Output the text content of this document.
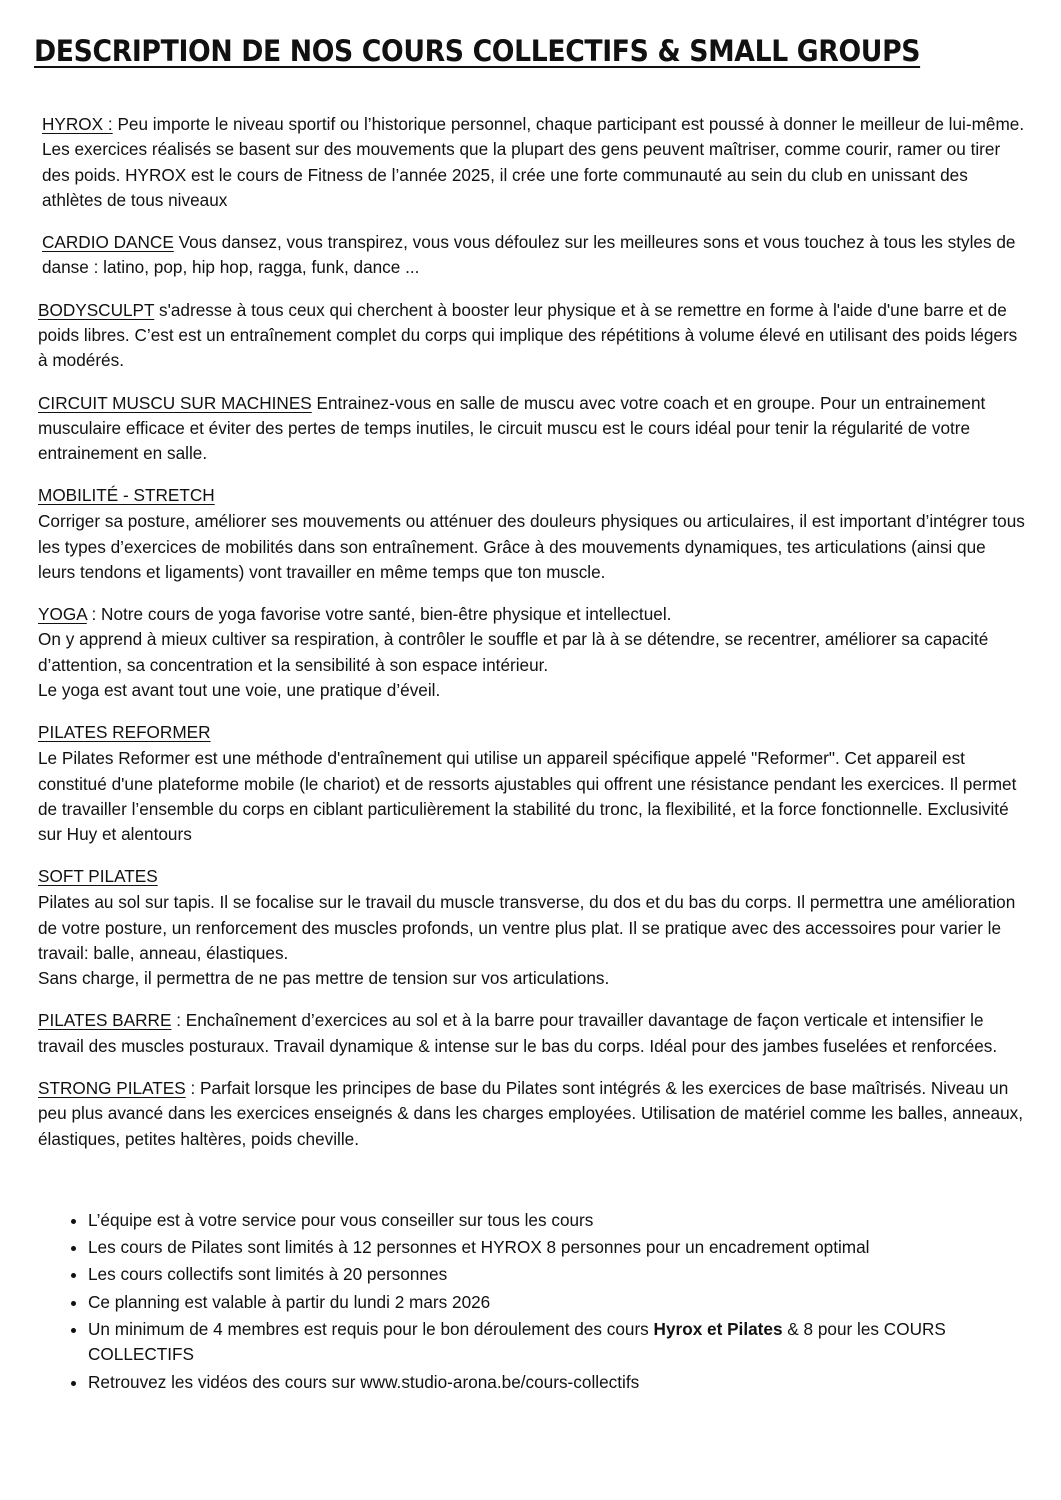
DESCRIPTION DE NOS COURS COLLECTIFS & SMALL GROUPS

HYROX : Peu importe le niveau sportif ou l’historique personnel, chaque participant est poussé à donner le meilleur de lui-même. Les exercices réalisés se basent sur des mouvements que la plupart des gens peuvent maîtriser, comme courir, ramer ou tirer des poids. HYROX est le cours de Fitness de l’année 2025, il crée une forte communauté au sein du club en unissant des athlètes de tous niveaux

CARDIO DANCE Vous dansez, vous transpirez, vous vous défoulez sur les meilleures sons et vous touchez à tous les styles de danse : latino, pop, hip hop, ragga, funk, dance ...

BODYSCULPT s'adresse à tous ceux qui cherchent à booster leur physique et à se remettre en forme à l'aide d'une barre et de poids libres. C’est est un entraînement complet du corps qui implique des répétitions à volume élevé en utilisant des poids légers à modérés.

CIRCUIT MUSCU SUR MACHINES Entrainez-vous en salle de muscu avec votre coach et en groupe. Pour un entrainement musculaire efficace et éviter des pertes de temps inutiles, le circuit muscu est le cours idéal pour tenir la régularité de votre entrainement en salle.

MOBILITÉ - STRETCH

Corriger sa posture, améliorer ses mouvements ou atténuer des douleurs physiques ou articulaires, il est important d’intégrer tous les types d’exercices de mobilités dans son entraînement. Grâce à des mouvements dynamiques, tes articulations (ainsi que leurs tendons et ligaments) vont travailler en même temps que ton muscle.

YOGA : Notre cours de yoga favorise votre santé, bien-être physique et intellectuel.

On y apprend à mieux cultiver sa respiration, à contrôler le souffle et par là à se détendre, se recentrer, améliorer sa capacité d’attention, sa concentration et la sensibilité à son espace intérieur.

Le yoga est avant tout une voie, une pratique d’éveil.

PILATES REFORMER

Le Pilates Reformer est une méthode d'entraînement qui utilise un appareil spécifique appelé "Reformer". Cet appareil est constitué d'une plateforme mobile (le chariot) et de ressorts ajustables qui offrent une résistance pendant les exercices. Il permet de travailler l’ensemble du corps en ciblant particulièrement la stabilité du tronc, la flexibilité, et la force fonctionnelle. Exclusivité sur Huy et alentours

SOFT PILATES

Pilates au sol sur tapis. Il se focalise sur le travail du muscle transverse, du dos et du bas du corps. Il permettra une amélioration de votre posture, un renforcement des muscles profonds, un ventre plus plat. Il se pratique avec des accessoires pour varier le travail: balle, anneau, élastiques.

Sans charge, il permettra de ne pas mettre de tension sur vos articulations.

PILATES BARRE : Enchaînement d’exercices au sol et à la barre pour travailler davantage de façon verticale et intensifier le travail des muscles posturaux. Travail dynamique & intense sur le bas du corps. Idéal pour des jambes fuselées et renforcées.

STRONG PILATES : Parfait lorsque les principes de base du Pilates sont intégrés & les exercices de base maîtrisés. Niveau un peu plus avancé dans les exercices enseignés & dans les charges employées. Utilisation de matériel comme les balles, anneaux, élastiques, petites haltères, poids cheville.

• L’équipe est à votre service pour vous conseiller sur tous les cours
• Les cours de Pilates sont limités à 12 personnes et HYROX 8 personnes pour un encadrement optimal
• Les cours collectifs sont limités à 20 personnes
• Ce planning est valable à partir du lundi 2 mars 2026
• Un minimum de 4 membres est requis pour le bon déroulement des cours Hyrox et Pilates & 8 pour les COURS COLLECTIFS
• Retrouvez les vidéos des cours sur www.studio-arona.be/cours-collectifs
